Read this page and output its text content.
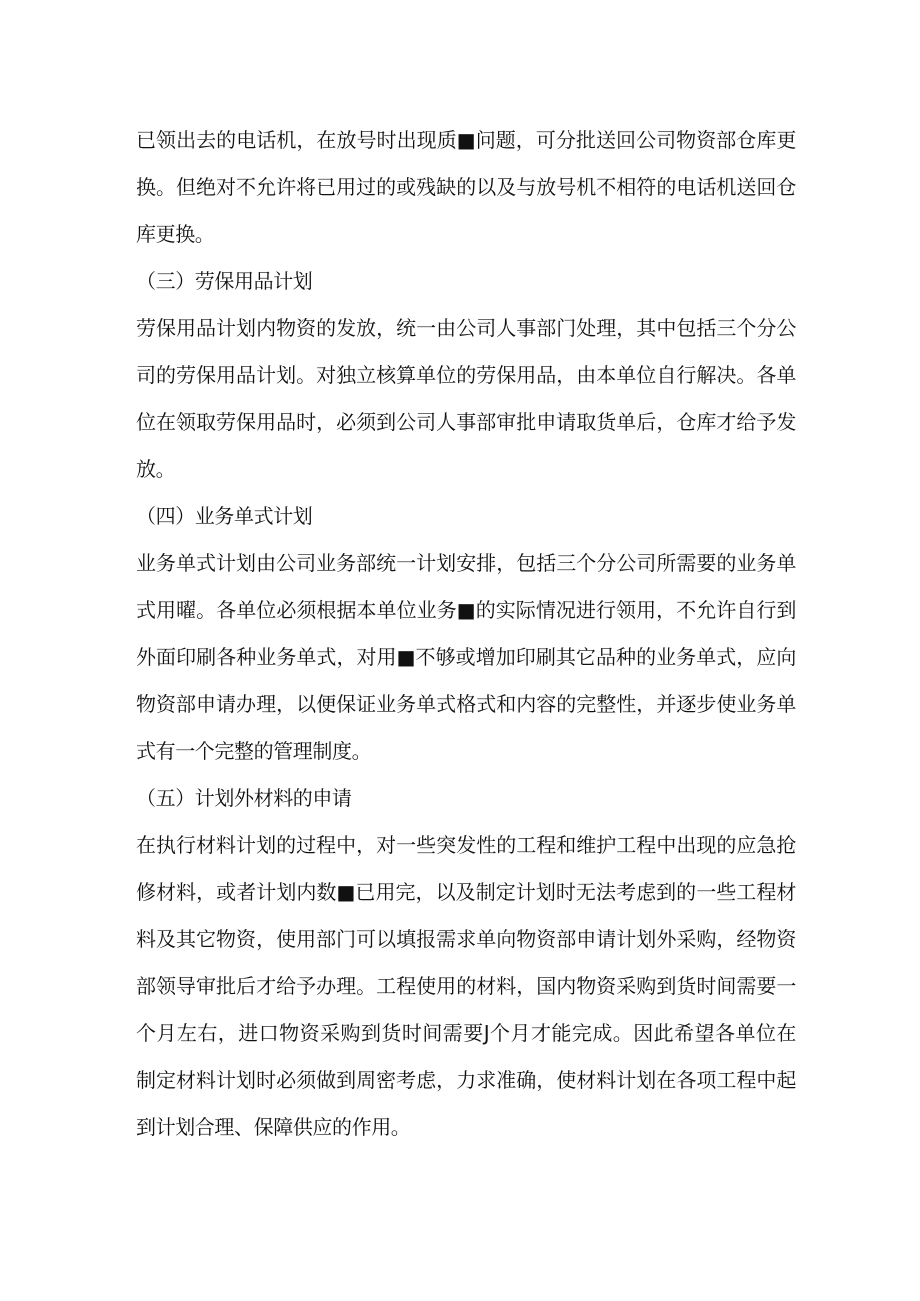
已领出去的电话机，在放号时出现质■问题，可分批送回公司物资部仓库更
换。但绝对不允许将已用过的或残缺的以及与放号机不相符的电话机送回仓
库更换。
（三）劳保用品计划
劳保用品计划内物资的发放，统一由公司人事部门处理，其中包括三个分公
司的劳保用品计划。对独立核算单位的劳保用品，由本单位自行解决。各单
位在领取劳保用品时，必须到公司人事部审批申请取货单后，仓库才给予发
放。
（四）业务单式计划
业务单式计划由公司业务部统一计划安排，包括三个分公司所需要的业务单
式用曜。各单位必须根据本单位业务■的实际情况进行领用，不允许自行到
外面印刷各种业务单式，对用■不够或增加印刷其它品种的业务单式，应向
物资部申请办理，以便保证业务单式格式和内容的完整性，并逐步使业务单
式有一个完整的管理制度。
（五）计划外材料的申请
在执行材料计划的过程中，对一些突发性的工程和维护工程中出现的应急抢
修材料，或者计划内数■已用完，以及制定计划时无法考虑到的一些工程材
料及其它物资，使用部门可以填报需求单向物资部申请计划外采购，经物资
部领导审批后才给予办理。工程使用的材料，国内物资采购到货时间需要一
个月左右，进口物资采购到货时间需要J个月才能完成。因此希望各单位在
制定材料计划时必须做到周密考虑，力求准确，使材料计划在各项工程中起
到计划合理、保障供应的作用。
